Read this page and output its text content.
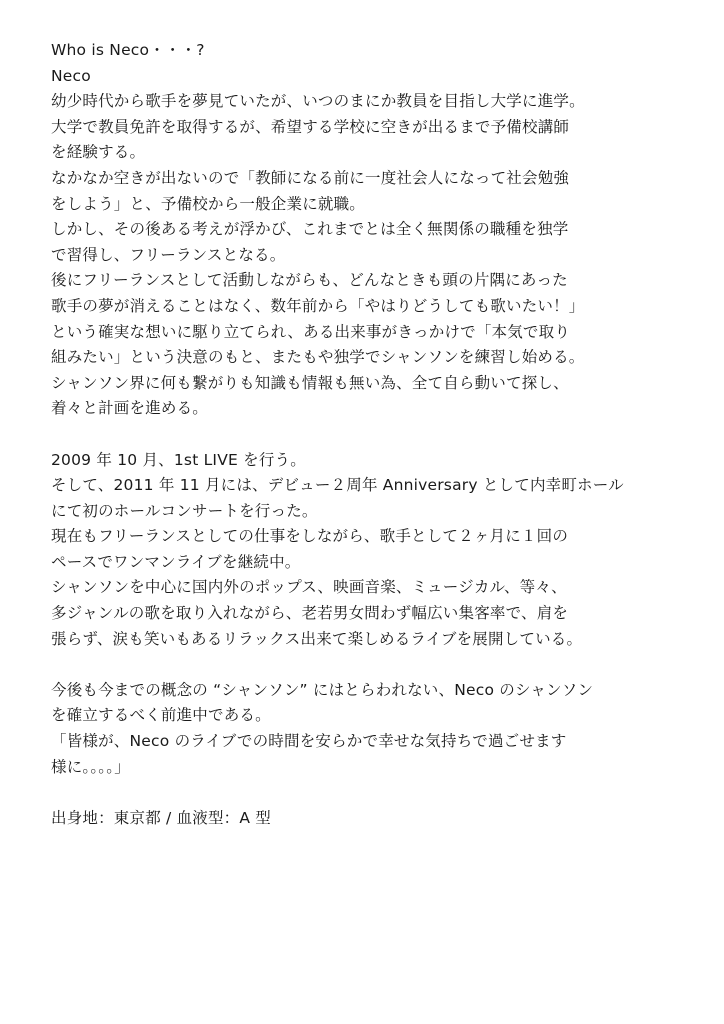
Who is Neco・・・?
Neco
幼少時代から歌手を夢見ていたが、いつのまにか教員を目指し大学に進学。
大学で教員免許を取得するが、希望する学校に空きが出るまで予備校講師
を経験する。
なかなか空きが出ないので「教師になる前に一度社会人になって社会勉強
をしよう」と、予備校から一般企業に就職。
しかし、その後ある考えが浮かび、これまでとは全く無関係の職種を独学
で習得し、フリーランスとなる。
後にフリーランスとして活動しながらも、どんなときも頭の片隅にあった
歌手の夢が消えることはなく、数年前から「やはりどうしても歌いたい！」
という確実な想いに駆り立てられ、ある出来事がきっかけで「本気で取り
組みたい」という決意のもと、またもや独学でシャンソンを練習し始める。
シャンソン界に何も繋がりも知識も情報も無い為、全て自ら動いて探し、
着々と計画を進める。
2009 年 10 月、1st LIVE を行う。
そして、2011 年 11 月には、デビュー２周年 Anniversary として内幸町ホール
にて初のホールコンサートを行った。
現在もフリーランスとしての仕事をしながら、歌手として２ヶ月に１回の
ペースでワンマンライブを継続中。
シャンソンを中心に国内外のポップス、映画音楽、ミュージカル、等々、
多ジャンルの歌を取り入れながら、老若男女問わず幅広い集客率で、肩を
張らず、涙も笑いもあるリラックス出来て楽しめるライブを展開している。
今後も今までの概念の “シャンソン” にはとらわれない、Neco のシャンソン
を確立するべく前進中である。
「皆様が、Neco のライブでの時間を安らかで幸せな気持ちで過ごせます
様に。。。。」
出身地：東京都 / 血液型：A 型
